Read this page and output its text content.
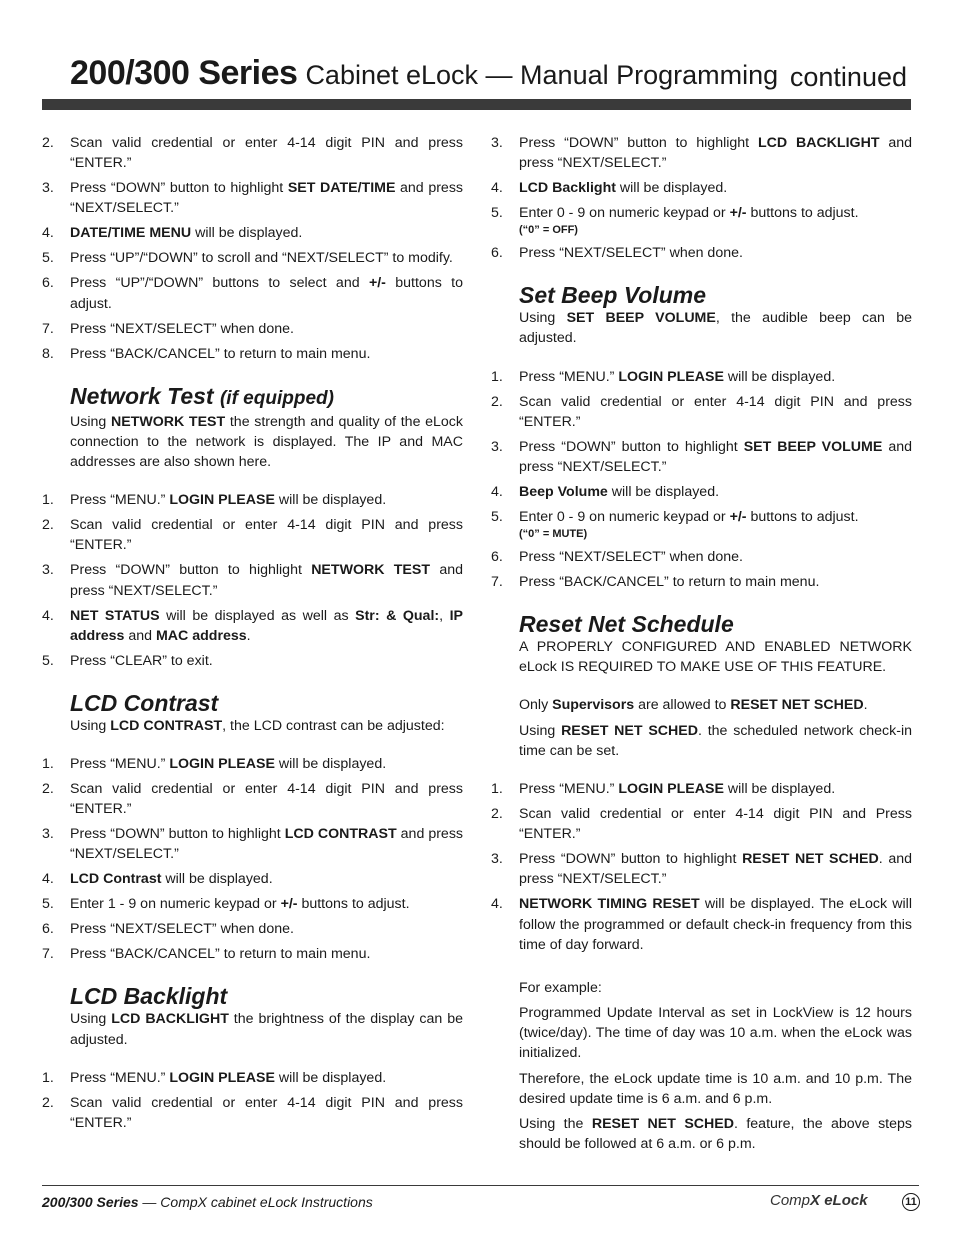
200/300 Series Cabinet eLock — Manual Programming continued
2. Scan valid credential or enter 4-14 digit PIN and press “ENTER.”
3. Press “DOWN” button to highlight SET DATE/TIME and press “NEXT/SELECT.”
4. DATE/TIME MENU will be displayed.
5. Press “UP”/“DOWN” to scroll and “NEXT/SELECT” to modify.
6. Press “UP”/“DOWN” buttons to select and +/- buttons to adjust.
7. Press “NEXT/SELECT” when done.
8. Press “BACK/CANCEL” to return to main menu.
Network Test (if equipped)
Using NETWORK TEST the strength and quality of the eLock connection to the network is displayed. The IP and MAC addresses are also shown here.
1. Press “MENU.” LOGIN PLEASE will be displayed.
2. Scan valid credential or enter 4-14 digit PIN and press “ENTER.”
3. Press “DOWN” button to highlight NETWORK TEST and press “NEXT/SELECT.”
4. NET STATUS will be displayed as well as Str: & Qual:, IP address and MAC address.
5. Press “CLEAR” to exit.
LCD Contrast
Using LCD CONTRAST, the LCD contrast can be adjusted:
1. Press “MENU.” LOGIN PLEASE will be displayed.
2. Scan valid credential or enter 4-14 digit PIN and press “ENTER.”
3. Press “DOWN” button to highlight LCD CONTRAST and press “NEXT/SELECT.”
4. LCD Contrast will be displayed.
5. Enter 1 - 9 on numeric keypad or +/- buttons to adjust.
6. Press “NEXT/SELECT” when done.
7. Press “BACK/CANCEL” to return to main menu.
LCD Backlight
Using LCD BACKLIGHT the brightness of the display can be adjusted.
1. Press “MENU.” LOGIN PLEASE will be displayed.
2. Scan valid credential or enter 4-14 digit PIN and press “ENTER.”
3. Press “DOWN” button to highlight LCD BACKLIGHT and press “NEXT/SELECT.”
4. LCD Backlight will be displayed.
5. Enter 0 - 9 on numeric keypad or +/- buttons to adjust.
(“0” = OFF)
6. Press “NEXT/SELECT” when done.
Set Beep Volume
Using SET BEEP VOLUME, the audible beep can be adjusted.
1. Press “MENU.” LOGIN PLEASE will be displayed.
2. Scan valid credential or enter 4-14 digit PIN and press “ENTER.”
3. Press “DOWN” button to highlight SET BEEP VOLUME and press “NEXT/SELECT.”
4. Beep Volume will be displayed.
5. Enter 0 - 9 on numeric keypad or +/- buttons to adjust.
(“0” = MUTE)
6. Press “NEXT/SELECT” when done.
7. Press “BACK/CANCEL” to return to main menu.
Reset Net Schedule
A PROPERLY CONFIGURED AND ENABLED NETWORK eLock IS REQUIRED TO MAKE USE OF THIS FEATURE.
Only Supervisors are allowed to RESET NET SCHED.
Using RESET NET SCHED. the scheduled network check-in time can be set.
1. Press “MENU.” LOGIN PLEASE will be displayed.
2. Scan valid credential or enter 4-14 digit PIN and Press “ENTER.”
3. Press “DOWN” button to highlight RESET NET SCHED. and press “NEXT/SELECT.”
4. NETWORK TIMING RESET will be displayed. The eLock will follow the programmed or default check-in frequency from this time of day forward.
For example:
Programmed Update Interval as set in LockView is 12 hours (twice/day). The time of day was 10 a.m. when the eLock was initialized.
Therefore, the eLock update time is 10 a.m. and 10 p.m. The desired update time is 6 a.m. and 6 p.m.
Using the RESET NET SCHED. feature, the above steps should be followed at 6 a.m. or 6 p.m.
200/300 Series — CompX cabinet eLock Instructions	CompX eLock	11
